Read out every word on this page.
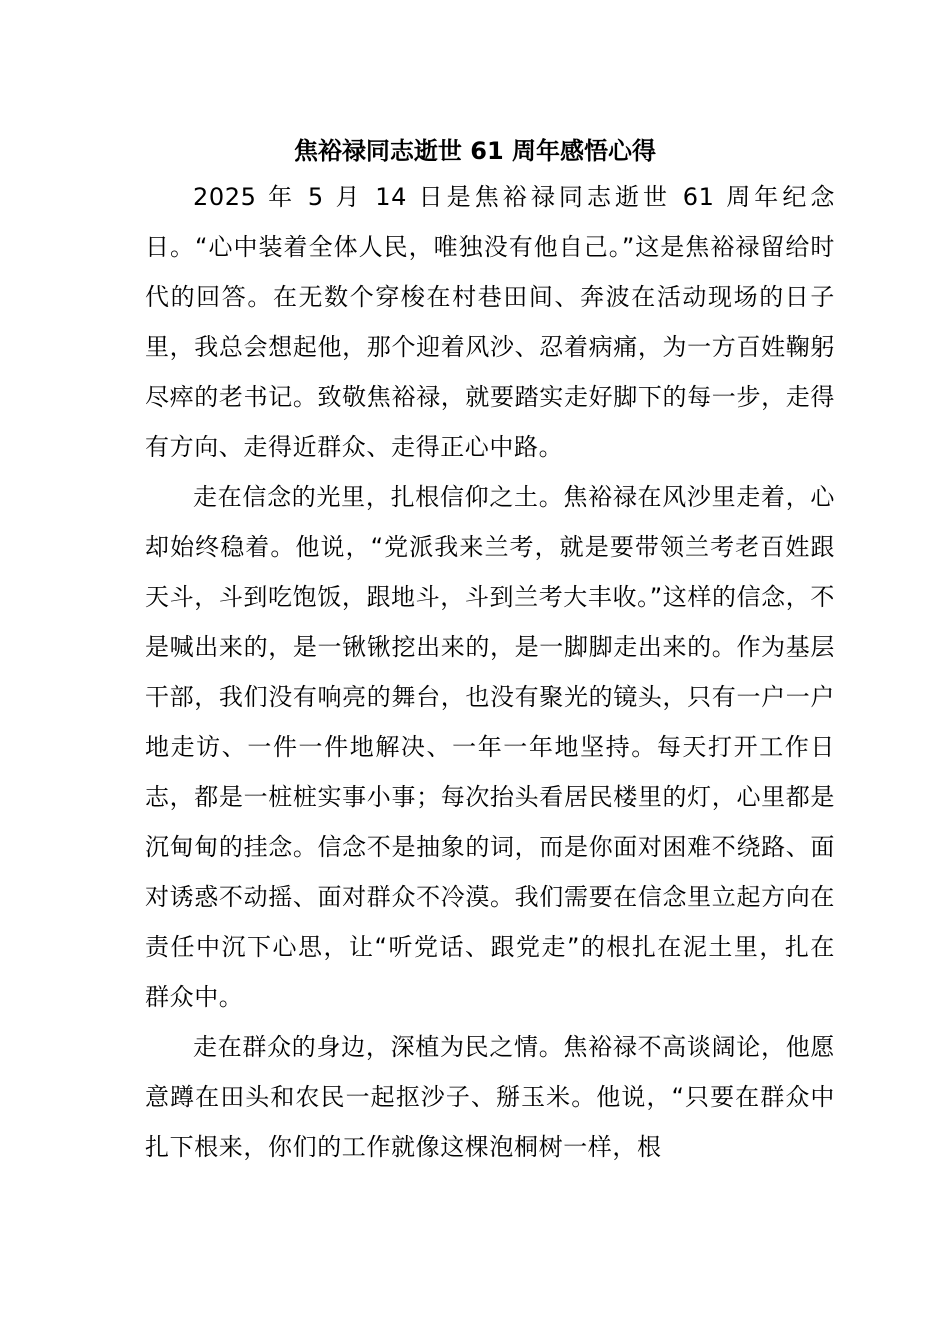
焦裕禄同志逝世 61 周年感悟心得

2025 年 5 月 14 日是焦裕禄同志逝世 61 周年纪念日。“心中装着全体人民，唯独没有他自己。”这是焦裕禄留给时代的回答。在无数个穿梭在村巷田间、奔波在活动现场的日子里，我总会想起他，那个迎着风沙、忍着病痛，为一方百姓鞠躬尽瘁的老书记。致敬焦裕禄，就要踏实走好脚下的每一步，走得有方向、走得近群众、走得正心中路。

走在信念的光里，扎根信仰之土。焦裕禄在风沙里走着，心却始终稳着。他说，“党派我来兰考，就是要带领兰考老百姓跟天斗，斗到吃饱饭，跟地斗，斗到兰考大丰收。”这样的信念，不是喊出来的，是一锹锹挖出来的，是一脚脚走出来的。作为基层干部，我们没有响亮的舞台，也没有聚光的镜头，只有一户一户地走访、一件一件地解决、一年一年地坚持。每天打开工作日志，都是一桩桩实事小事；每次抬头看居民楼里的灯，心里都是沉甸甸的挂念。信念不是抽象的词，而是你面对困难不绕路、面对诱惑不动摇、面对群众不冷漠。我们需要在信念里立起方向在责任中沉下心思，让“听党话、跟党走”的根扎在泥土里，扎在群众中。

走在群众的身边，深植为民之情。焦裕禄不高谈阔论，他愿意蹲在田头和农民一起抠沙子、掰玉米。他说，“只要在群众中扎下根来，你们的工作就像这棵泡桐树一样，根
